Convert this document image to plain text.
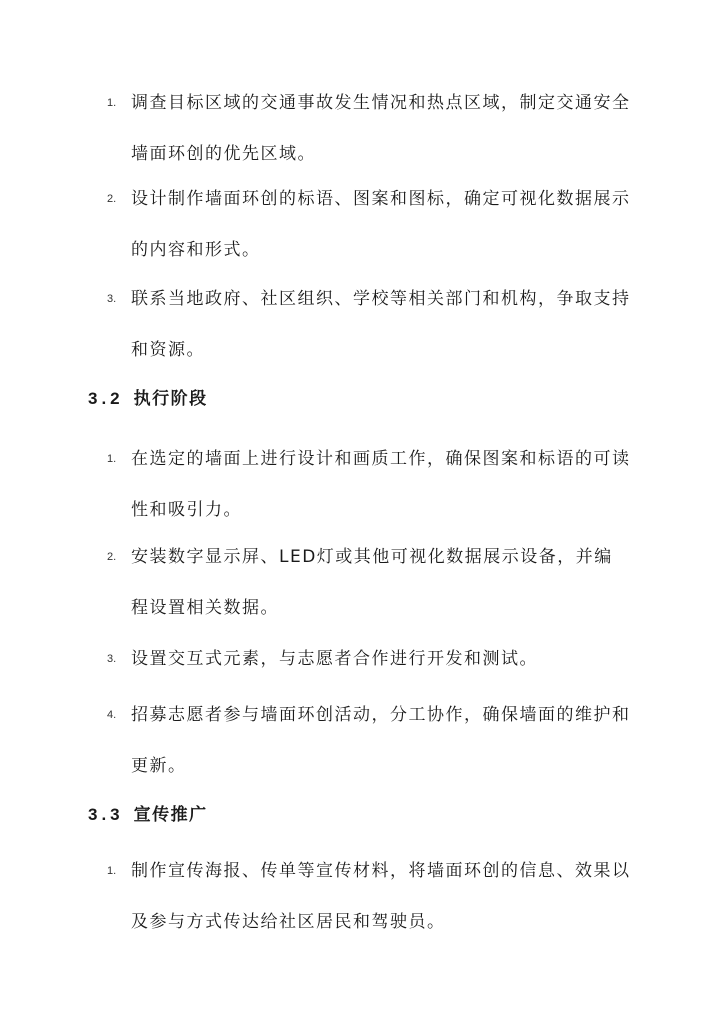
1. 调查目标区域的交通事故发生情况和热点区域，制定交通安全墙面环创的优先区域。
2. 设计制作墙面环创的标语、图案和图标，确定可视化数据展示的内容和形式。
3. 联系当地政府、社区组织、学校等相关部门和机构，争取支持和资源。
3.2 执行阶段
1. 在选定的墙面上进行设计和画质工作，确保图案和标语的可读性和吸引力。
2. 安装数字显示屏、LED灯或其他可视化数据展示设备，并编程设置相关数据。
3. 设置交互式元素，与志愿者合作进行开发和测试。
4. 招募志愿者参与墙面环创活动，分工协作，确保墙面的维护和更新。
3.3 宣传推广
1. 制作宣传海报、传单等宣传材料，将墙面环创的信息、效果以及参与方式传达给社区居民和驾驶员。
